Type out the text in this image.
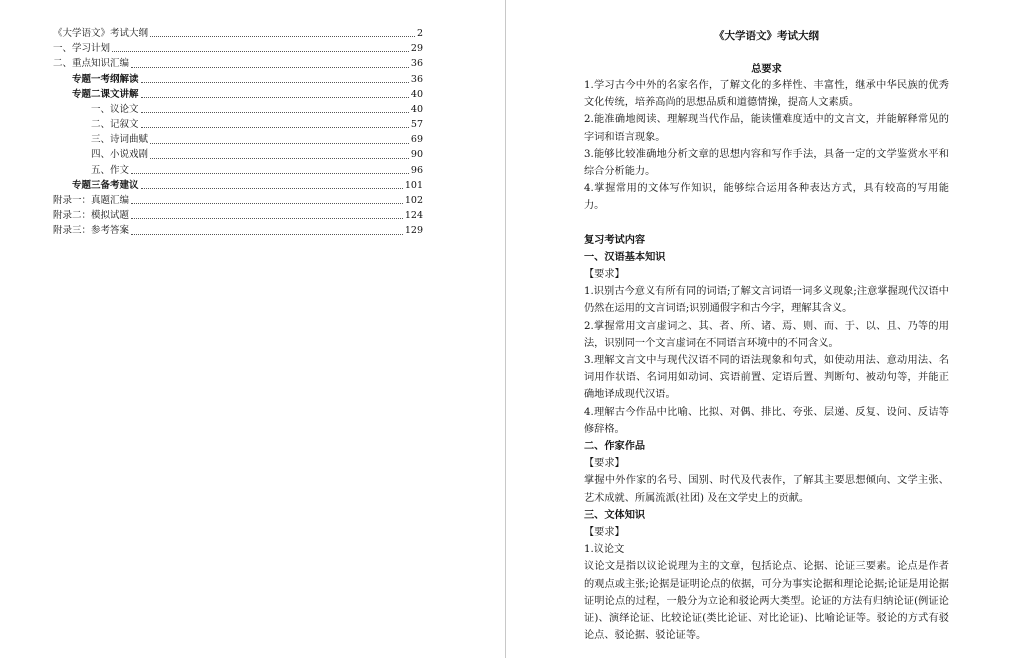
《大学语文》考试大纲	2
一、学习计划	29
二、重点知识汇编	36
专题一考纲解读	36
专题二课文讲解	40
一、议论文	40
二、记叙文	57
三、诗词曲赋	69
四、小说戏剧	90
五、作文	96
专题三备考建议	101
附录一：真题汇编	102
附录二：模拟试题	124
附录三：参考答案	129
《大学语文》考试大纲
总要求
1.学习古今中外的名家名作，了解文化的多样性、丰富性，继承中华民族的优秀文化传统，培养高尚的思想品质和道德情操，提高人文素质。
2.能准确地阅读、理解现当代作品，能读懂难度适中的文言文，并能解释常见的字词和语言现象。
3.能够比较准确地分析文章的思想内容和写作手法，具备一定的文学鉴赏水平和综合分析能力。
4.掌握常用的文体写作知识，能够综合运用各种表达方式，具有较高的写用能力。
复习考试内容
一、汉语基本知识
【要求】
1.识别古今意义有所有同的词语;了解文言词语一词多义现象;注意掌握现代汉语中仍然在运用的文言词语;识别通假字和古今字，理解其含义。
2.掌握常用文言虚词之、其、者、所、诸、焉、则、而、于、以、且、乃等的用法，识别同一个文言虚词在不同语言环境中的不同含义。
3.理解文言文中与现代汉语不同的语法现象和句式，如使动用法、意动用法、名词用作状语、名词用如动词、宾语前置、定语后置、判断句、被动句等，并能正确地译成现代汉语。
4.理解古今作品中比喻、比拟、对偶、排比、夸张、层递、反复、设问、反诘等修辞格。
二、作家作品
【要求】
掌握中外作家的名号、国别、时代及代表作，了解其主要思想倾向、文学主张、艺术成就、所属流派(社团) 及在文学史上的贡献。
三、文体知识
【要求】
1.议论文
议论文是指以议论说理为主的文章，包括论点、论据、论证三要素。论点是作者的观点或主张;论据是证明论点的依据，可分为事实论据和理论论据;论证是用论据证明论点的过程，一般分为立论和驳论两大类型。论证的方法有归纳论证(例证论证)、演绎论证、比较论证(类比论证、对比论证)、比喻论证等。驳论的方式有驳论点、驳论据、驳论证等。
